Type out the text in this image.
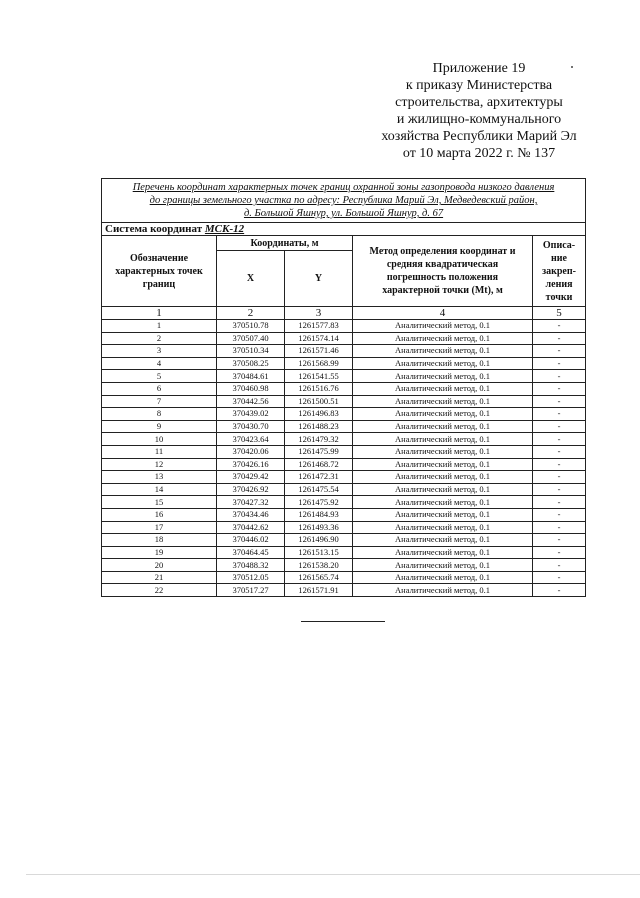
Приложение 19
к приказу Министерства
строительства, архитектуры
и жилищно-коммунального
хозяйства Республики Марий Эл
от 10 марта 2022 г. № 137
Перечень координат характерных точек границ охранной зоны газопровода низкого давления
до границы земельного участка по адресу: Республика Марий Эл, Медведевский район,
д. Большой Яшнур, ул. Большой Яшнур, д. 67				

Система координат МСК-12				
Обозначение характерных точек границ	Координаты, м		Метод определения координат и средняя квадратическая погрешность положения характерной точки (Mt), м	Описа-ние закреп-ления точки
	X	Y		
1	2	3	4	5
1	370510.78	1261577.83	Аналитический метод, 0.1	-
2	370507.40	1261574.14	Аналитический метод, 0.1	-
3	370510.34	1261571.46	Аналитический метод, 0.1	-
4	370508.25	1261568.99	Аналитический метод, 0.1	-
5	370484.61	1261541.55	Аналитический метод, 0.1	-
6	370460.98	1261516.76	Аналитический метод, 0.1	-
7	370442.56	1261500.51	Аналитический метод, 0.1	-
8	370439.02	1261496.83	Аналитический метод, 0.1	-
9	370430.70	1261488.23	Аналитический метод, 0.1	-
10	370423.64	1261479.32	Аналитический метод, 0.1	-
11	370420.06	1261475.99	Аналитический метод, 0.1	-
12	370426.16	1261468.72	Аналитический метод, 0.1	-
13	370429.42	1261472.31	Аналитический метод, 0.1	-
14	370426.92	1261475.54	Аналитический метод, 0.1	-
15	370427.32	1261475.92	Аналитический метод, 0.1	-
16	370434.46	1261484.93	Аналитический метод, 0.1	-
17	370442.62	1261493.36	Аналитический метод, 0.1	-
18	370446.02	1261496.90	Аналитический метод, 0.1	-
19	370464.45	1261513.15	Аналитический метод, 0.1	-
20	370488.32	1261538.20	Аналитический метод, 0.1	-
21	370512.05	1261565.74	Аналитический метод, 0.1	-
22	370517.27	1261571.91	Аналитический метод, 0.1	-
